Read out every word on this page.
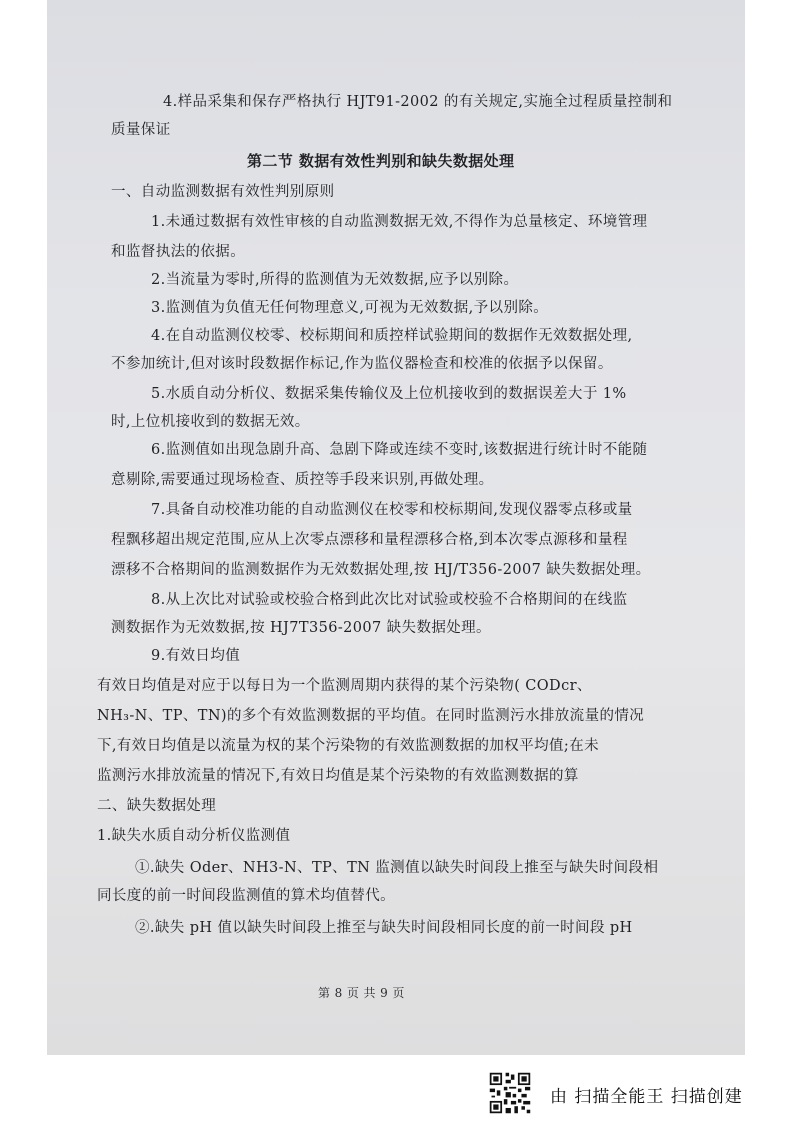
4.样品采集和保存严格执行 HJT91-2002 的有关规定,实施全过程质量控制和
质量保证
第二节 数据有效性判别和缺失数据处理
一、自动监测数据有效性判别原则
1.未通过数据有效性审核的自动监测数据无效,不得作为总量核定、环境管理
和监督执法的依据。
2.当流量为零时,所得的监测值为无效数据,应予以别除。
3.监测值为负值无任何物理意义,可视为无效数据,予以别除。
4.在自动监测仪校零、校标期间和质控样试验期间的数据作无效数据处理,
不参加统计,但对该时段数据作标记,作为监仪器检查和校准的依据予以保留。
5.水质自动分析仪、数据采集传输仪及上位机接收到的数据误差大于 1%
时,上位机接收到的数据无效。
6.监测值如出现急剧升高、急剧下降或连续不变时,该数据进行统计时不能随
意剔除,需要通过现场检查、质控等手段来识别,再做处理。
7.具备自动校准功能的自动监测仪在校零和校标期间,发现仪器零点移或量
程飘移超出规定范围,应从上次零点漂移和量程漂移合格,到本次零点源移和量程
漂移不合格期间的监测数据作为无效数据处理,按 HJ/T356-2007 缺失数据处理。
8.从上次比对试验或校验合格到此次比对试验或校验不合格期间的在线监
测数据作为无效数据,按 HJ7T356-2007 缺失数据处理。
9.有效日均值
有效日均值是对应于以每日为一个监测周期内获得的某个污染物( CODcr、
NH₃-N、TP、TN)的多个有效监测数据的平均值。在同时监测污水排放流量的情况
下,有效日均值是以流量为权的某个污染物的有效监测数据的加权平均值;在未
监测污水排放流量的情况下,有效日均值是某个污染物的有效监测数据的算
二、缺失数据处理
1.缺失水质自动分析仪监测值
①.缺失 Oder、NH3-N、TP、TN 监测值以缺失时间段上推至与缺失时间段相
同长度的前一时间段监测值的算术均值替代。
②.缺失 pH 值以缺失时间段上推至与缺失时间段相同长度的前一时间段 pH
第 8 页 共 9 页
由 扫描全能王 扫描创建
